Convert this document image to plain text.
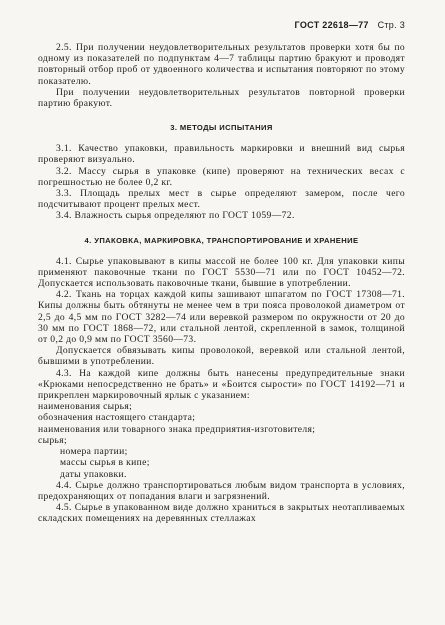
ГОСТ 22618—77 Стр. 3

2.5. При получении неудовлетворительных результатов проверки хотя бы по одному из показателей по подпунктам 4—7 таблицы партию бракуют и проводят повторный отбор проб от удвоенного количества и испытания повторяют по этому показателю.

При получении неудовлетворительных результатов повторной проверки партию бракуют.

3. МЕТОДЫ ИСПЫТАНИЯ

3.1. Качество упаковки, правильность маркировки и внешний вид сырья проверяют визуально.

3.2. Массу сырья в упаковке (кипе) проверяют на технических весах с погрешностью не более 0,2 кг.

3.3. Площадь прелых мест в сырье определяют замером, после чего подсчитывают процент прелых мест.

3.4. Влажность сырья определяют по ГОСТ 1059—72.

4. УПАКОВКА, МАРКИРОВКА, ТРАНСПОРТИРОВАНИЕ И ХРАНЕНИЕ

4.1. Сырье упаковывают в кипы массой не более 100 кг. Для упаковки кипы применяют паковочные ткани по ГОСТ 5530—71 или по ГОСТ 10452—72. Допускается использовать паковочные ткани, бывшие в употреблении.

4.2. Ткань на торцах каждой кипы зашивают шпагатом по ГОСТ 17308—71. Кипы должны быть обтянуты не менее чем в три пояса проволокой диаметром от 2,5 до 4,5 мм по ГОСТ 3282—74 или веревкой размером по окружности от 20 до 30 мм по ГОСТ 1868—72, или стальной лентой, скрепленной в замок, толщиной от 0,2 до 0,9 мм по ГОСТ 3560—73.

Допускается обвязывать кипы проволокой, веревкой или стальной лентой, бывшими в употреблении.

4.3. На каждой кипе должны быть нанесены предупредительные знаки «Крюками непосредственно не брать» и «Боится сырости» по ГОСТ 14192—71 и прикреплен маркировочный ярлык с указанием:

наименования сырья;

обозначения настоящего стандарта;

наименования или товарного знака предприятия-изготовителя;

сырья;

номера партии;

массы сырья в кипе;

даты упаковки.

4.4. Сырье должно транспортироваться любым видом транспорта в условиях, предохраняющих от попадания влаги и загрязнений.

4.5. Сырье в упакованном виде должно храниться в закрытых неотапливаемых складских помещениях на деревянных стеллажах
